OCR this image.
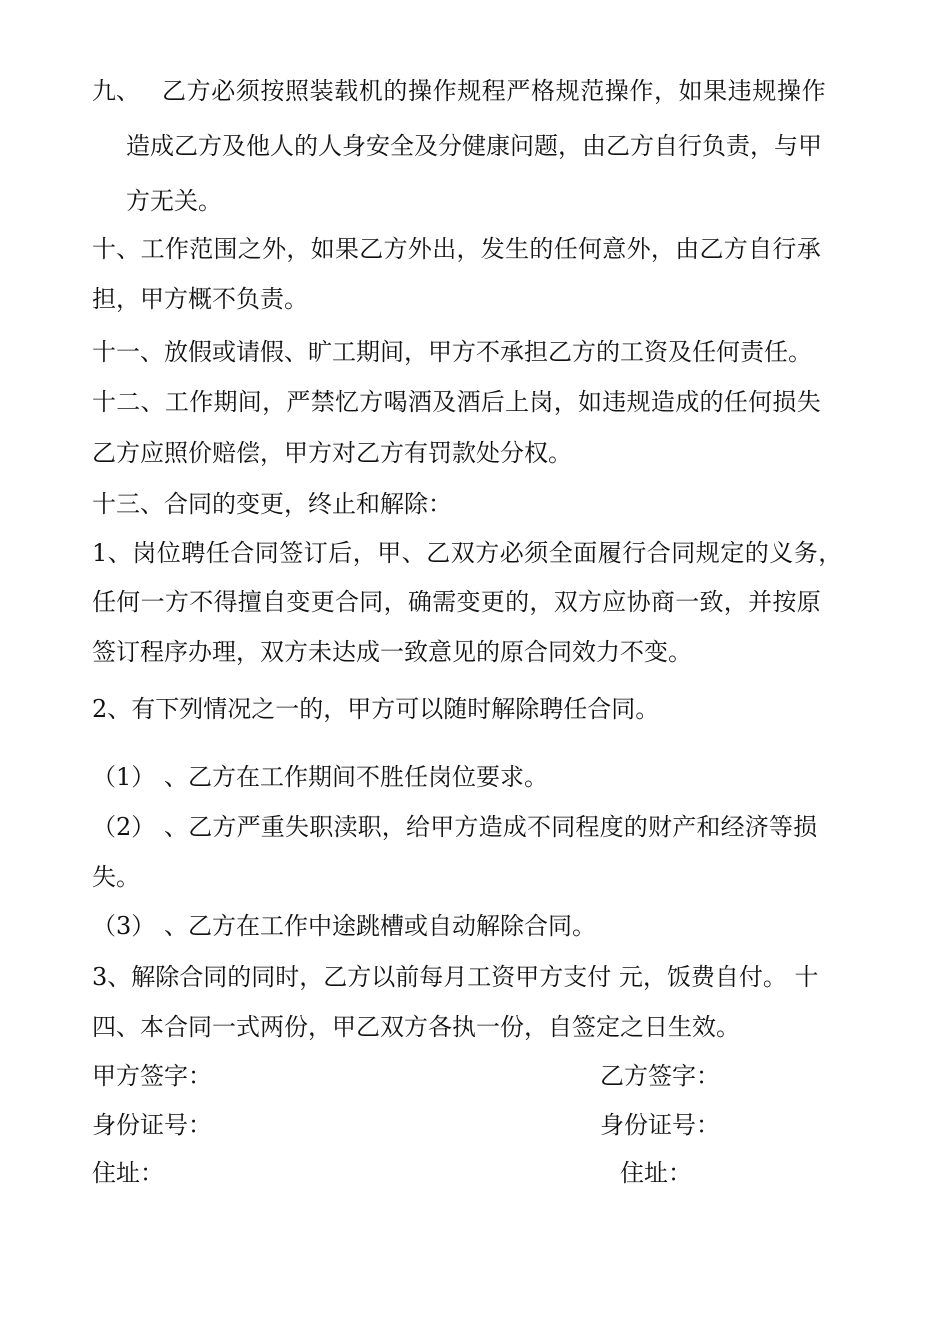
九、 乙方必须按照装载机的操作规程严格规范操作，如果违规操作
造成乙方及他人的人身安全及分健康问题，由乙方自行负责，与甲
方无关。
十、工作范围之外，如果乙方外出，发生的任何意外，由乙方自行承
担，甲方概不负责。
十一、放假或请假、旷工期间，甲方不承担乙方的工资及任何责任。
十二、工作期间，严禁忆方喝酒及酒后上岗，如违规造成的任何损失
乙方应照价赔偿，甲方对乙方有罚款处分权。
十三、合同的变更，终止和解除：
1、岗位聘任合同签订后，甲、乙双方必须全面履行合同规定的义务，
任何一方不得擅自变更合同，确需变更的，双方应协商一致，并按原
签订程序办理，双方未达成一致意见的原合同效力不变。
2、有下列情况之一的，甲方可以随时解除聘任合同。
（1） 、乙方在工作期间不胜任岗位要求。
（2） 、乙方严重失职渎职，给甲方造成不同程度的财产和经济等损
失。
（3） 、乙方在工作中途跳槽或自动解除合同。
3、解除合同的同时，乙方以前每月工资甲方支付 元，饭费自付。 十
四、本合同一式两份，甲乙双方各执一份，自签定之日生效。
甲方签字：	乙方签字：
身份证号：	身份证号：
住址：	住址：
